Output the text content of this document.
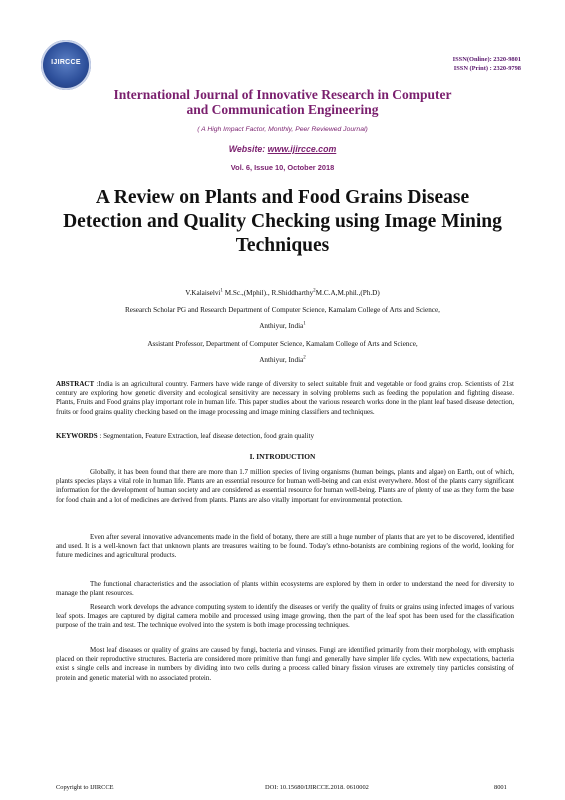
IJIRCCE	ISSN(Online): 2320-9801
ISSN (Print) : 2320-9798
International Journal of Innovative Research in Computer
and Communication Engineering
( A High Impact Factor, Monthly, Peer Reviewed Journal)
Website: www.ijircce.com
Vol. 6, Issue 10, October 2018
A Review on Plants and Food Grains Disease Detection and Quality Checking using Image Mining Techniques
V.Kalaiselvi$^1$ M.Sc.,(Mphil)., R.Shiddharthy$^2$M.C.A,M.phil.,(Ph.D)
Research Scholar PG and Research Department of Computer Science, Kamalam College of Arts and Science,
Anthiyur, India$^1$
Assistant Professor, Department of Computer Science, Kamalam College of Arts and Science,
Anthiyur, India$^2$
ABSTRACT :India is an agricultural country. Farmers have wide range of diversity to select suitable fruit and vegetable or food grains crop. Scientists of 21st century are exploring how genetic diversity and ecological sensitivity are necessary in solving problems such as feeding the population and fighting disease. Plants, Fruits and Food grains play important role in human life. This paper studies about the various research works done in the plant leaf based disease detection, fruits or food grains quality checking based on the image processing and image mining classifiers and techniques.
KEYWORDS : Segmentation, Feature Extraction, leaf disease detection, food grain quality
I. INTRODUCTION
Globally, it has been found that there are more than 1.7 million species of living organisms (human beings, plants and algae) on Earth, out of which, plants species plays a vital role in human life. Plants are an essential resource for human well-being and can exist everywhere. Most of the plants carry significant information for the development of human society and are considered as essential resource for human well-being. Plants are of plenty of use as they form the base for food chain and a lot of medicines are derived from plants. Plants are also vitally important for environmental protection.
Even after several innovative advancements made in the field of botany, there are still a huge number of plants that are yet to be discovered, identified and used. It is a well-known fact that unknown plants are treasures waiting to be found. Today's ethno-botanists are combining regions of the world, looking for future medicines and agricultural products.
The functional characteristics and the association of plants within ecosystems are explored by them in order to understand the need for diversity to manage the plant resources.
Research work develops the advance computing system to identify the diseases or verify the quality of fruits or grains using infected images of various leaf spots. Images are captured by digital camera mobile and processed using image growing, then the part of the leaf spot has been used for the classification purpose of the train and test. The technique evolved into the system is both image processing techniques.
Most leaf diseases or quality of grains are caused by fungi, bacteria and viruses. Fungi are identified primarily from their morphology, with emphasis placed on their reproductive structures. Bacteria are considered more primitive than fungi and generally have simpler life cycles. With new expectations, bacteria exist s single cells and increase in numbers by dividing into two cells during a process called binary fission viruses are extremely tiny particles consisting of protein and genetic material with no associated protein.
Copyright to IJIRCCE	DOI: 10.15680/IJIRCCE.2018. 0610002	8001
